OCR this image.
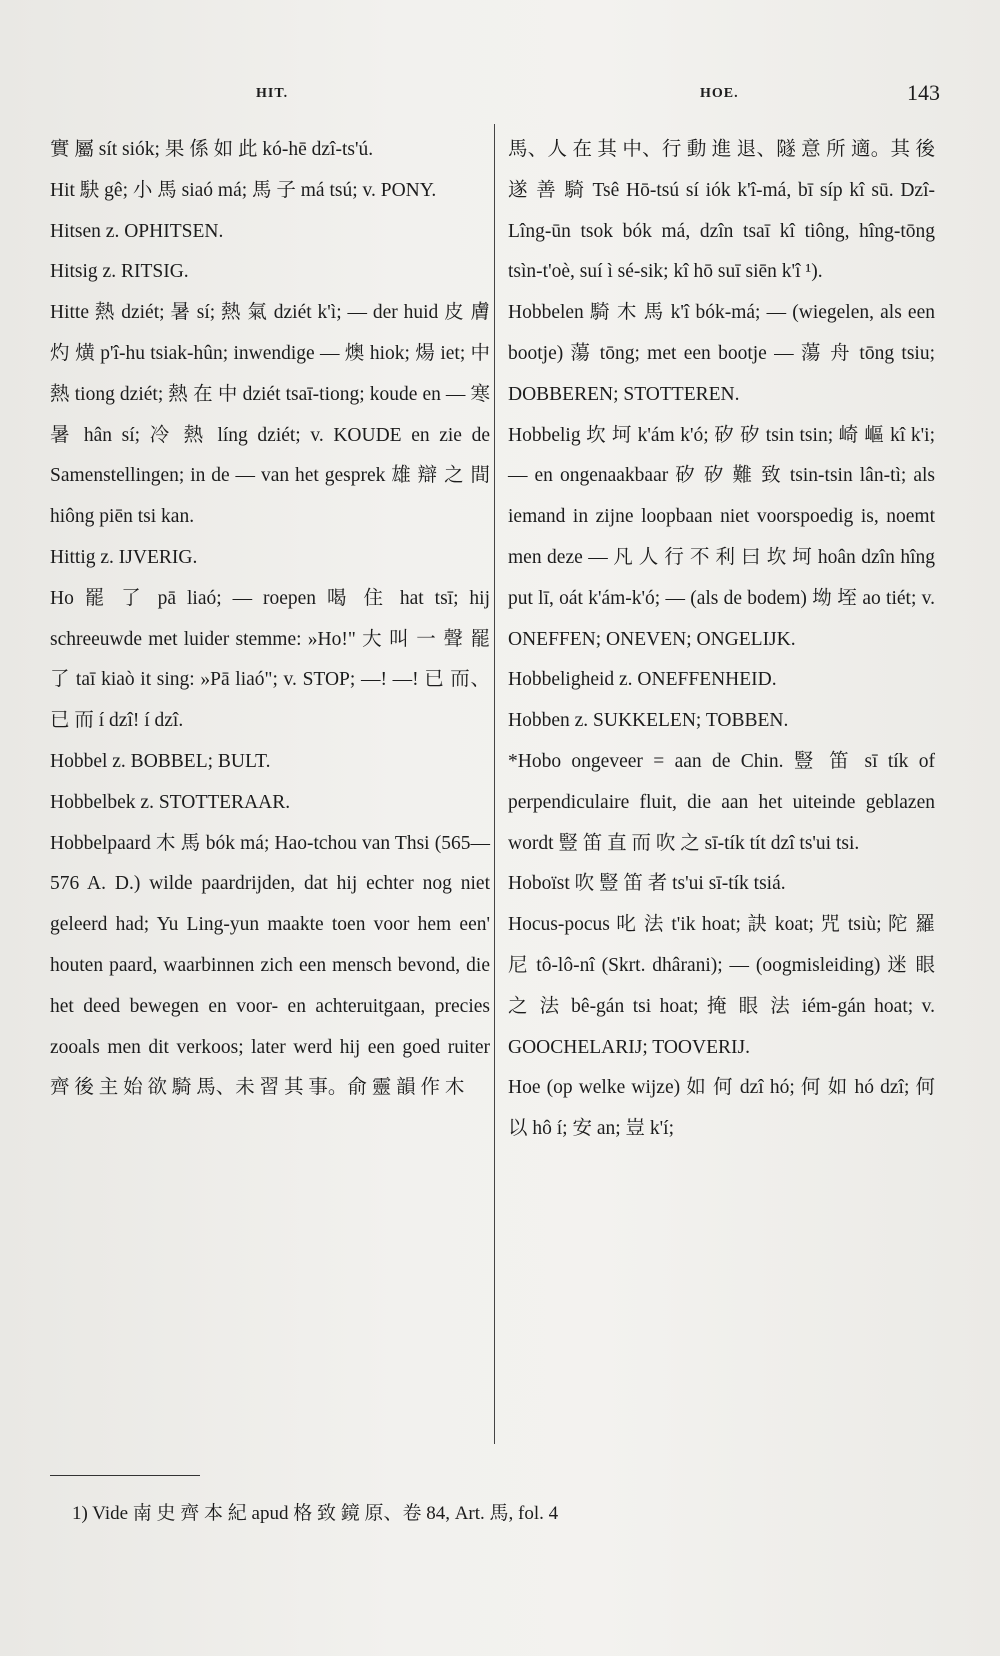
HIT.	HOE.	143

實 屬 sít siók; 果 係 如 此 kó-hē dzî-ts'ú.

Hit 駃 gê; 小 馬 siaó má; 馬 子 má tsú; v. PONY.

Hitsen z. OPHITSEN.

Hitsig z. RITSIG.

Hitte 熱 dziét; 暑 sí; 熱 氣 dziét k'ì; — der huid 皮 膚 灼 熿 p'î-hu tsiak-hûn; inwendige — 燠 hiok; 煬 iet; 中 熱 tiong dziét; 熱 在 中 dziét tsaī-tiong; koude en — 寒 暑 hân sí; 冷 熱 líng dziét; v. KOUDE en zie de Samenstellingen; in de — van het gesprek 雄 辯 之 間 hiông piēn tsi kan.

Hittig z. IJVERIG.

Ho 罷 了 pā liaó; — roepen 喝 住 hat tsī; hij schreeuwde met luider stemme: »Ho!" 大 叫 一 聲 罷 了 taī kiaò it sing: »Pā liaó"; v. STOP; —! —! 已 而、已 而 í dzî! í dzî.

Hobbel z. BOBBEL; BULT.

Hobbelbek z. STOTTERAAR.

Hobbelpaard 木 馬 bók má; Hao-tchou van Thsi (565—576 A. D.) wilde paardrijden, dat hij echter nog niet geleerd had; Yu Ling-yun maakte toen voor hem een' houten paard, waarbinnen zich een mensch bevond, die het deed bewegen en voor- en achteruitgaan, precies zooals men dit verkoos; later werd hij een goed ruiter 齊 後 主 始 欲 騎 馬、未 習 其 事。俞 靈 韻 作 木

馬、人 在 其 中、行 動 進 退、隧 意 所 適。其 後 遂 善 騎 Tsê Hō-tsú sí iók k'î-má, bī síp kî sū. Dzî-Lîng-ūn tsok bók má, dzîn tsaī kî tiông, hîng-tōng tsìn-t'oè, suí ì sé-sik; kî hō suī siēn k'î ¹).

Hobbelen 騎 木 馬 k'î bók-má; — (wiegelen, als een bootje) 蕩 tōng; met een bootje — 蕩 舟 tōng tsiu; DOBBEREN; STOTTEREN.

Hobbelig 坎 坷 k'ám k'ó; 矽 矽 tsin tsin; 崎 嶇 kî k'i; — en ongenaakbaar 矽 矽 難 致 tsin-tsin lân-tì; als iemand in zijne loopbaan niet voorspoedig is, noemt men deze — 凡 人 行 不 利 曰 坎 坷 hoân dzîn hîng put lī, oát k'ám-k'ó; — (als de bodem) 坳 垤 ao tiét; v. ONEFFEN; ONEVEN; ONGELIJK.

Hobbeligheid z. ONEFFENHEID.

Hobben z. SUKKELEN; TOBBEN.

*Hobo ongeveer = aan de Chin. 豎 笛 sī tík of perpendiculaire fluit, die aan het uiteinde geblazen wordt 豎 笛 直 而 吹 之 sī-tík tít dzî ts'ui tsi.

Hoboïst 吹 豎 笛 者 ts'ui sī-tík tsiá.

Hocus-pocus 叱 法 t'ik hoat; 訣 koat; 咒 tsiù; 陀 羅 尼 tô-lô-nî (Skrt. dhârani); — (oogmisleiding) 迷 眼 之 法 bê-gán tsi hoat; 掩 眼 法 iém-gán hoat; v. GOOCHELARIJ; TOOVERIJ.

Hoe (op welke wijze) 如 何 dzî hó; 何 如 hó dzî; 何 以 hô í; 安 an; 豈 k'í;

1) Vide 南 史 齊 本 紀 apud 格 致 鏡 原、卷 84, Art. 馬, fol. 4
